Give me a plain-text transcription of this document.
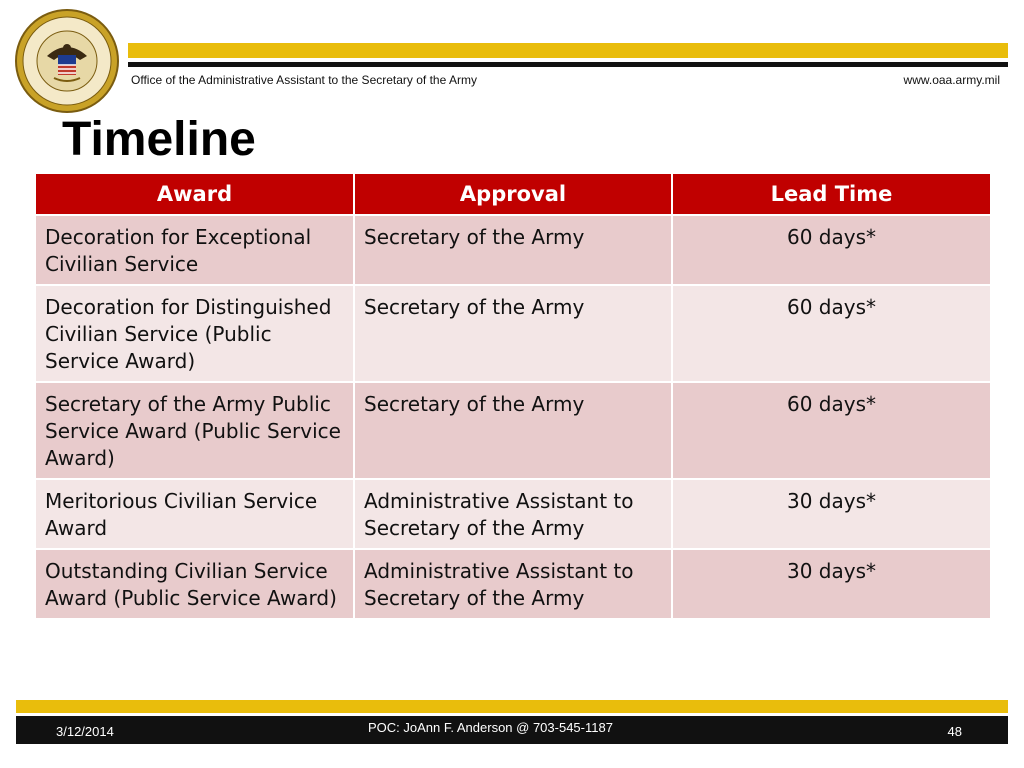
Office of the Administrative Assistant to the Secretary of the Army	www.oaa.army.mil
Timeline
Award	Approval	Lead Time
Decoration for Exceptional Civilian Service	Secretary of the Army	60 days*
Decoration for Distinguished Civilian Service (Public Service Award)	Secretary of the Army	60 days*
Secretary of the Army Public Service Award (Public Service Award)	Secretary of the Army	60 days*
Meritorious Civilian Service Award	Administrative Assistant to Secretary of the Army	30 days*
Outstanding Civilian Service Award (Public Service Award)	Administrative Assistant to Secretary of the Army	30 days*
3/12/2014	POC: JoAnn F. Anderson @ 703-545-1187	48
